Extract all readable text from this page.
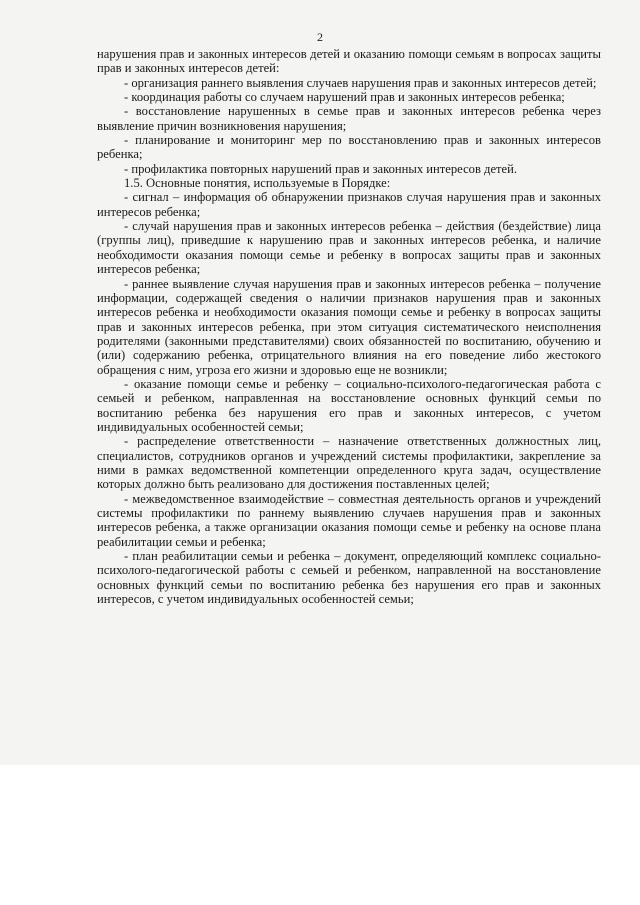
2

нарушения прав и законных интересов детей и оказанию помощи семьям в вопросах защиты прав и законных интересов детей:

- организация раннего выявления случаев нарушения прав и законных интересов детей;

- координация работы со случаем нарушений прав и законных интересов ребенка;

- восстановление нарушенных в семье прав и законных интересов ребенка через выявление причин возникновения нарушения;

- планирование и мониторинг мер по восстановлению прав и законных интересов ребенка;

- профилактика повторных нарушений прав и законных интересов детей.

1.5. Основные понятия, используемые в Порядке:

- сигнал – информация об обнаружении признаков случая нарушения прав и законных интересов ребенка;

- случай нарушения прав и законных интересов ребенка – действия (бездействие) лица (группы лиц), приведшие к нарушению прав и законных интересов ребенка, и наличие необходимости оказания помощи семье и ребенку в вопросах защиты прав и законных интересов ребенка;

- раннее выявление случая нарушения прав и законных интересов ребенка – получение информации, содержащей сведения о наличии признаков нарушения прав и законных интересов ребенка и необходимости оказания помощи семье и ребенку в вопросах защиты прав и законных интересов ребенка, при этом ситуация систематического неисполнения родителями (законными представителями) своих обязанностей по воспитанию, обучению и (или) содержанию ребенка, отрицательного влияния на его поведение либо жестокого обращения с ним, угроза его жизни и здоровью еще не возникли;

- оказание помощи семье и ребенку – социально-психолого-педагогическая работа с семьей и ребенком, направленная на восстановление основных функций семьи по воспитанию ребенка без нарушения его прав и законных интересов, с учетом индивидуальных особенностей семьи;

- распределение ответственности – назначение ответственных должностных лиц, специалистов, сотрудников органов и учреждений системы профилактики, закрепление за ними в рамках ведомственной компетенции определенного круга задач, осуществление которых должно быть реализовано для достижения поставленных целей;

- межведомственное взаимодействие – совместная деятельность органов и учреждений системы профилактики по раннему выявлению случаев нарушения прав и законных интересов ребенка, а также организации оказания помощи семье и ребенку на основе плана реабилитации семьи и ребенка;

- план реабилитации семьи и ребенка – документ, определяющий комплекс социально-психолого-педагогической работы с семьей и ребенком, направленной на восстановление основных функций семьи по воспитанию ребенка без нарушения его прав и законных интересов, с учетом индивидуальных особенностей семьи;
